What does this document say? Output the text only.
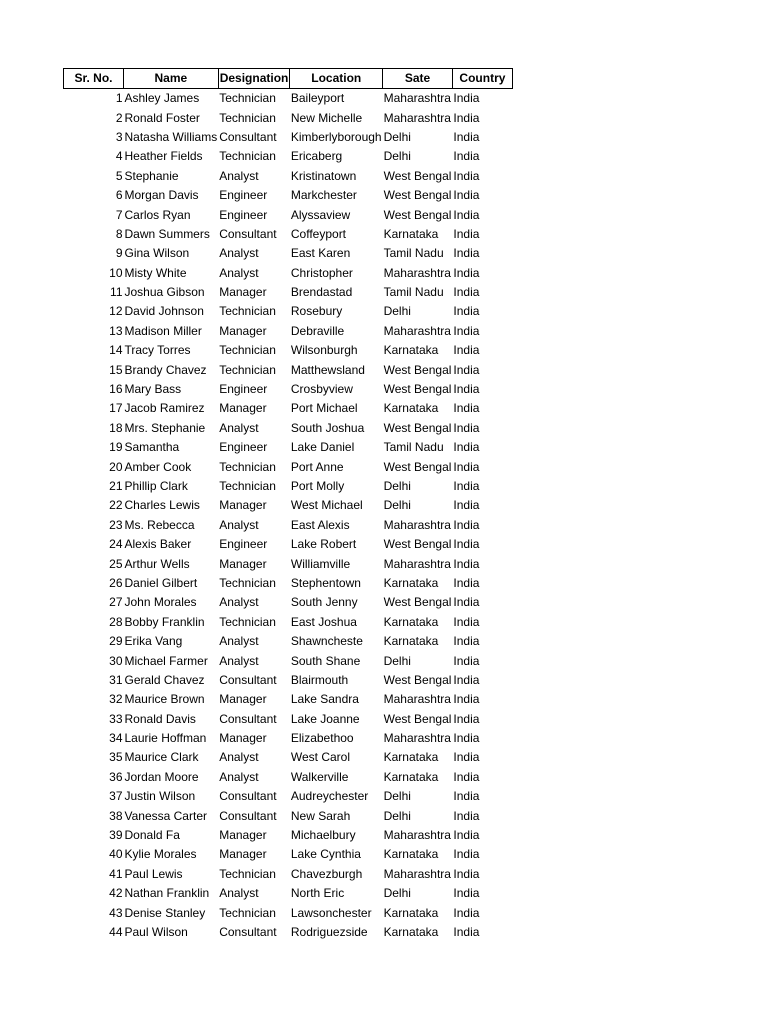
Sr. No.	Name	Designation	Location	Sate	Country
1	Ashley James	Technician	Baileyport	Maharashtra	India
2	Ronald Foster	Technician	New Michelle	Maharashtra	India
3	Natasha Williams	Consultant	Kimberlyborough	Delhi	India
4	Heather Fields	Technician	Ericaberg	Delhi	India
5	Stephanie	Analyst	Kristinatown	West Bengal	India
6	Morgan Davis	Engineer	Markchester	West Bengal	India
7	Carlos Ryan	Engineer	Alyssaview	West Bengal	India
8	Dawn Summers	Consultant	Coffeyport	Karnataka	India
9	Gina Wilson	Analyst	East Karen	Tamil Nadu	India
10	Misty White	Analyst	Christopher	Maharashtra	India
11	Joshua Gibson	Manager	Brendastad	Tamil Nadu	India
12	David Johnson	Technician	Rosebury	Delhi	India
13	Madison Miller	Manager	Debraville	Maharashtra	India
14	Tracy Torres	Technician	Wilsonburgh	Karnataka	India
15	Brandy Chavez	Technician	Matthewsland	West Bengal	India
16	Mary Bass	Engineer	Crosbyview	West Bengal	India
17	Jacob Ramirez	Manager	Port Michael	Karnataka	India
18	Mrs. Stephanie	Analyst	South Joshua	West Bengal	India
19	Samantha	Engineer	Lake Daniel	Tamil Nadu	India
20	Amber Cook	Technician	Port Anne	West Bengal	India
21	Phillip Clark	Technician	Port Molly	Delhi	India
22	Charles Lewis	Manager	West Michael	Delhi	India
23	Ms. Rebecca	Analyst	East Alexis	Maharashtra	India
24	Alexis Baker	Engineer	Lake Robert	West Bengal	India
25	Arthur Wells	Manager	Williamville	Maharashtra	India
26	Daniel Gilbert	Technician	Stephentown	Karnataka	India
27	John Morales	Analyst	South Jenny	West Bengal	India
28	Bobby Franklin	Technician	East Joshua	Karnataka	India
29	Erika Vang	Analyst	Shawncheste	Karnataka	India
30	Michael Farmer	Analyst	South Shane	Delhi	India
31	Gerald Chavez	Consultant	Blairmouth	West Bengal	India
32	Maurice Brown	Manager	Lake Sandra	Maharashtra	India
33	Ronald Davis	Consultant	Lake Joanne	West Bengal	India
34	Laurie Hoffman	Manager	Elizabethoo	Maharashtra	India
35	Maurice Clark	Analyst	West Carol	Karnataka	India
36	Jordan Moore	Analyst	Walkerville	Karnataka	India
37	Justin Wilson	Consultant	Audreychester	Delhi	India
38	Vanessa Carter	Consultant	New Sarah	Delhi	India
39	Donald Fa	Manager	Michaelbury	Maharashtra	India
40	Kylie Morales	Manager	Lake Cynthia	Karnataka	India
41	Paul Lewis	Technician	Chavezburgh	Maharashtra	India
42	Nathan Franklin	Analyst	North Eric	Delhi	India
43	Denise Stanley	Technician	Lawsonchester	Karnataka	India
44	Paul Wilson	Consultant	Rodriguezside	Karnataka	India
